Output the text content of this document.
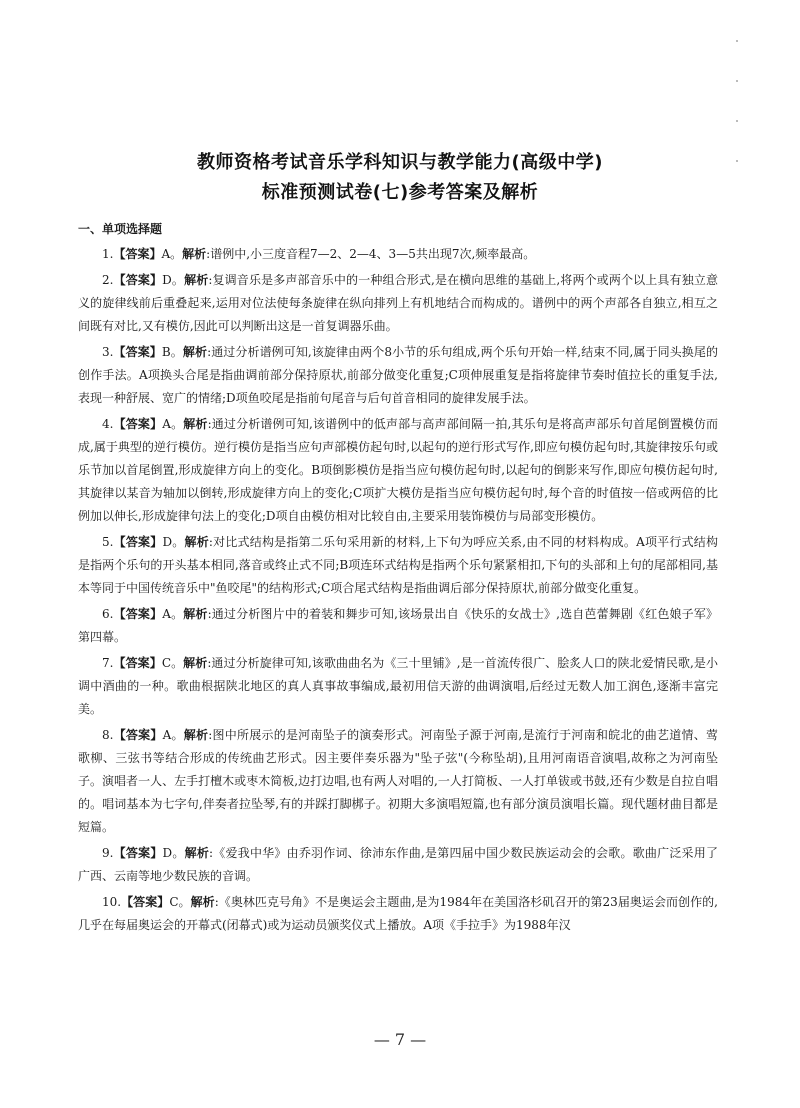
教师资格考试音乐学科知识与教学能力(高级中学)
标准预测试卷(七)参考答案及解析
一、单项选择题

1.【答案】A。解析:谱例中,小三度音程7—2、2—4、3—5共出现7次,频率最高。

2.【答案】D。解析:复调音乐是多声部音乐中的一种组合形式,是在横向思维的基础上,将两个或两个以上具有独立意义的旋律线前后重叠起来,运用对位法使每条旋律在纵向排列上有机地结合而构成的。谱例中的两个声部各自独立,相互之间既有对比,又有模仿,因此可以判断出这是一首复调器乐曲。

3.【答案】B。解析:通过分析谱例可知,该旋律由两个8小节的乐句组成,两个乐句开始一样,结束不同,属于同头换尾的创作手法。A项换头合尾是指曲调前部分保持原状,前部分做变化重复;C项伸展重复是指将旋律节奏时值拉长的重复手法,表现一种舒展、宽广的情绪;D项鱼咬尾是指前句尾音与后句首音相同的旋律发展手法。

4.【答案】A。解析:通过分析谱例可知,该谱例中的低声部与高声部间隔一拍,其乐句是将高声部乐句首尾倒置模仿而成,属于典型的逆行模仿。逆行模仿是指当应句声部模仿起句时,以起句的逆行形式写作,即应句模仿起句时,其旋律按乐句或乐节加以首尾倒置,形成旋律方向上的变化。B项倒影模仿是指当应句模仿起句时,以起句的倒影来写作,即应句模仿起句时,其旋律以某音为轴加以倒转,形成旋律方向上的变化;C项扩大模仿是指当应句模仿起句时,每个音的时值按一倍或两倍的比例加以伸长,形成旋律句法上的变化;D项自由模仿相对比较自由,主要采用装饰模仿与局部变形模仿。

5.【答案】D。解析:对比式结构是指第二乐句采用新的材料,上下句为呼应关系,由不同的材料构成。A项平行式结构是指两个乐句的开头基本相同,落音或终止式不同;B项连环式结构是指两个乐句紧紧相扣,下句的头部和上句的尾部相同,基本等同于中国传统音乐中"鱼咬尾"的结构形式;C项合尾式结构是指曲调后部分保持原状,前部分做变化重复。

6.【答案】A。解析:通过分析图片中的着装和舞步可知,该场景出自《快乐的女战士》,选自芭蕾舞剧《红色娘子军》第四幕。

7.【答案】C。解析:通过分析旋律可知,该歌曲曲名为《三十里铺》,是一首流传很广、脍炙人口的陕北爱情民歌,是小调中酒曲的一种。歌曲根据陕北地区的真人真事故事编成,最初用信天游的曲调演唱,后经过无数人加工润色,逐渐丰富完美。

8.【答案】A。解析:图中所展示的是河南坠子的演奏形式。河南坠子源于河南,是流行于河南和皖北的曲艺道情、莺歌柳、三弦书等结合形成的传统曲艺形式。因主要伴奏乐器为"坠子弦"(今称坠胡),且用河南语音演唱,故称之为河南坠子。演唱者一人、左手打檀木或枣木简板,边打边唱,也有两人对唱的,一人打简板、一人打单钹或书鼓,还有少数是自拉自唱的。唱词基本为七字句,伴奏者拉坠琴,有的并踩打脚梆子。初期大多演唱短篇,也有部分演员演唱长篇。现代题材曲目都是短篇。

9.【答案】D。解析:《爱我中华》由乔羽作词、徐沛东作曲,是第四届中国少数民族运动会的会歌。歌曲广泛采用了广西、云南等地少数民族的音调。

10.【答案】C。解析:《奥林匹克号角》不是奥运会主题曲,是为1984年在美国洛杉矶召开的第23届奥运会而创作的,几乎在每届奥运会的开幕式(闭幕式)或为运动员颁奖仪式上播放。A项《手拉手》为1988年汉

— 7 —
